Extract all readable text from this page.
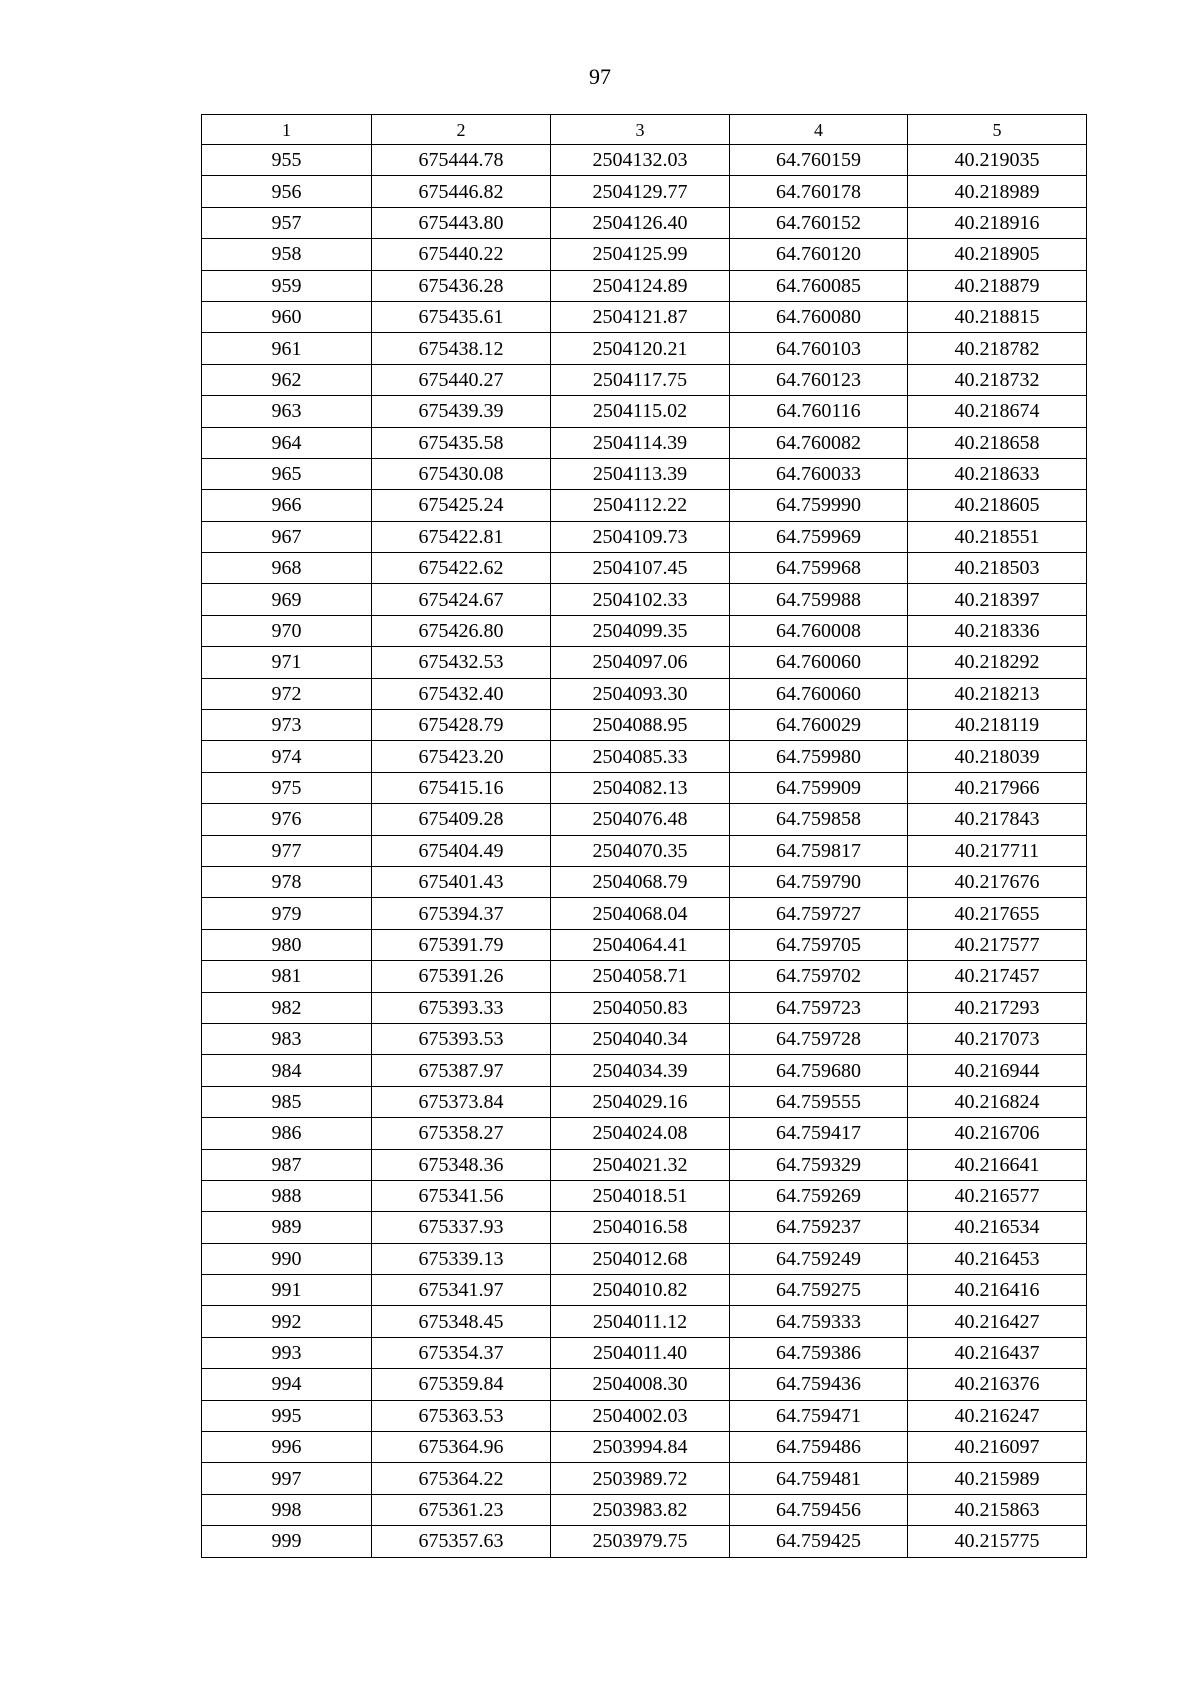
97
1	2	3	4	5
955	675444.78	2504132.03	64.760159	40.219035
956	675446.82	2504129.77	64.760178	40.218989
957	675443.80	2504126.40	64.760152	40.218916
958	675440.22	2504125.99	64.760120	40.218905
959	675436.28	2504124.89	64.760085	40.218879
960	675435.61	2504121.87	64.760080	40.218815
961	675438.12	2504120.21	64.760103	40.218782
962	675440.27	2504117.75	64.760123	40.218732
963	675439.39	2504115.02	64.760116	40.218674
964	675435.58	2504114.39	64.760082	40.218658
965	675430.08	2504113.39	64.760033	40.218633
966	675425.24	2504112.22	64.759990	40.218605
967	675422.81	2504109.73	64.759969	40.218551
968	675422.62	2504107.45	64.759968	40.218503
969	675424.67	2504102.33	64.759988	40.218397
970	675426.80	2504099.35	64.760008	40.218336
971	675432.53	2504097.06	64.760060	40.218292
972	675432.40	2504093.30	64.760060	40.218213
973	675428.79	2504088.95	64.760029	40.218119
974	675423.20	2504085.33	64.759980	40.218039
975	675415.16	2504082.13	64.759909	40.217966
976	675409.28	2504076.48	64.759858	40.217843
977	675404.49	2504070.35	64.759817	40.217711
978	675401.43	2504068.79	64.759790	40.217676
979	675394.37	2504068.04	64.759727	40.217655
980	675391.79	2504064.41	64.759705	40.217577
981	675391.26	2504058.71	64.759702	40.217457
982	675393.33	2504050.83	64.759723	40.217293
983	675393.53	2504040.34	64.759728	40.217073
984	675387.97	2504034.39	64.759680	40.216944
985	675373.84	2504029.16	64.759555	40.216824
986	675358.27	2504024.08	64.759417	40.216706
987	675348.36	2504021.32	64.759329	40.216641
988	675341.56	2504018.51	64.759269	40.216577
989	675337.93	2504016.58	64.759237	40.216534
990	675339.13	2504012.68	64.759249	40.216453
991	675341.97	2504010.82	64.759275	40.216416
992	675348.45	2504011.12	64.759333	40.216427
993	675354.37	2504011.40	64.759386	40.216437
994	675359.84	2504008.30	64.759436	40.216376
995	675363.53	2504002.03	64.759471	40.216247
996	675364.96	2503994.84	64.759486	40.216097
997	675364.22	2503989.72	64.759481	40.215989
998	675361.23	2503983.82	64.759456	40.215863
999	675357.63	2503979.75	64.759425	40.215775
